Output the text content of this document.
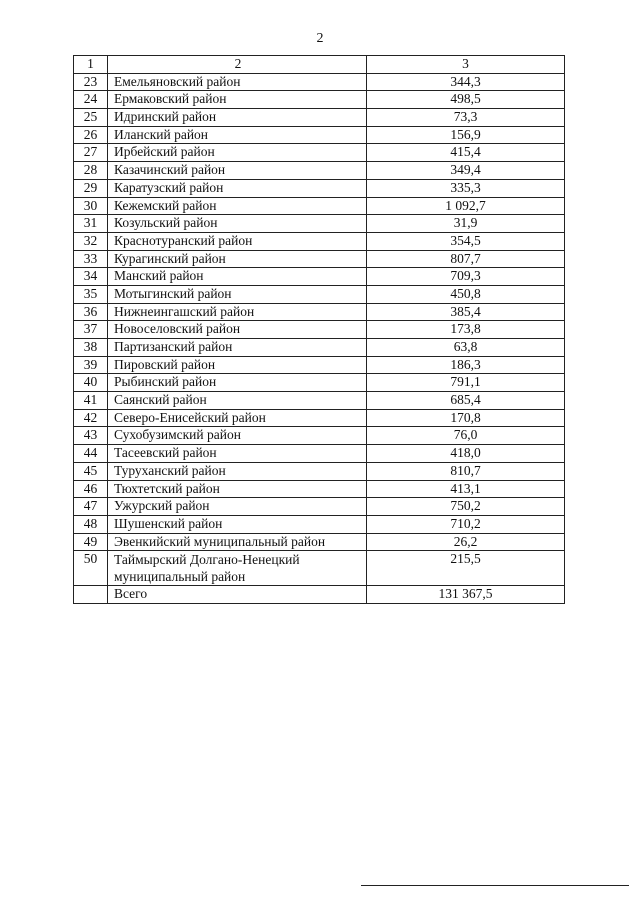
2
1	2	3
23	Емельяновский район	344,3
24	Ермаковский район	498,5
25	Идринский район	73,3
26	Иланский район	156,9
27	Ирбейский район	415,4
28	Казачинский район	349,4
29	Каратузский район	335,3
30	Кежемский район	1 092,7
31	Козульский район	31,9
32	Краснотуранский район	354,5
33	Курагинский район	807,7
34	Манский район	709,3
35	Мотыгинский район	450,8
36	Нижнеингашский район	385,4
37	Новоселовский район	173,8
38	Партизанский район	63,8
39	Пировский район	186,3
40	Рыбинский район	791,1
41	Саянский район	685,4
42	Северо-Енисейский район	170,8
43	Сухобузимский район	76,0
44	Тасеевский район	418,0
45	Туруханский район	810,7
46	Тюхтетский район	413,1
47	Ужурский район	750,2
48	Шушенский район	710,2
49	Эвенкийский муниципальный район	26,2
50	Таймырский Долгано-Ненецкий муниципальный район	215,5
	Всего	131 367,5
